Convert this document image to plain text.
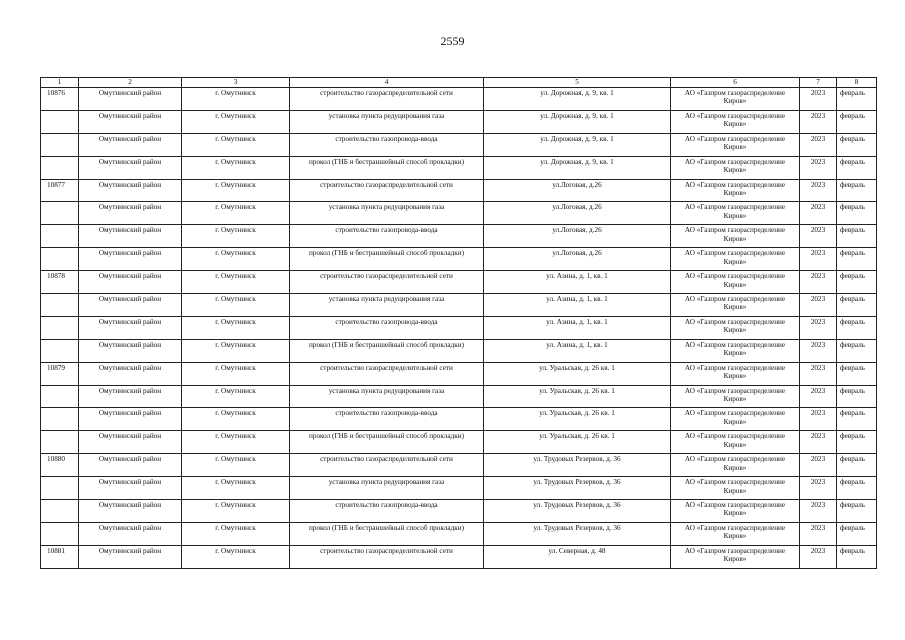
2559
1	2	3	4	5	6	7	8
10876	Омутнинский район	г. Омутнинск	строительство газораспределительной сети	ул. Дорожная, д. 9, кв. 1	АО «Газпром газораспределение Киров»	2023	февраль
	Омутнинский район	г. Омутнинск	установка пункта редуцирования газа	ул. Дорожная, д. 9, кв. 1	АО «Газпром газораспределение Киров»	2023	февраль
	Омутнинский район	г. Омутнинск	строительство газопровода-ввода	ул. Дорожная, д. 9, кв. 1	АО «Газпром газораспределение Киров»	2023	февраль
	Омутнинский район	г. Омутнинск	прокол (ГНБ и бестраншейный способ прокладки)	ул. Дорожная, д. 9, кв. 1	АО «Газпром газораспределение Киров»	2023	февраль
10877	Омутнинский район	г. Омутнинск	строительство газораспределительной сети	ул.Логовая, д.26	АО «Газпром газораспределение Киров»	2023	февраль
	Омутнинский район	г. Омутнинск	установка пункта редуцирования газа	ул.Логовая, д.26	АО «Газпром газораспределение Киров»	2023	февраль
	Омутнинский район	г. Омутнинск	строительство газопровода-ввода	ул.Логовая, д.26	АО «Газпром газораспределение Киров»	2023	февраль
	Омутнинский район	г. Омутнинск	прокол (ГНБ и бестраншейный способ прокладки)	ул.Логовая, д.26	АО «Газпром газораспределение Киров»	2023	февраль
10878	Омутнинский район	г. Омутнинск	строительство газораспределительной сети	ул. Азина, д. 1, кв. 1	АО «Газпром газораспределение Киров»	2023	февраль
	Омутнинский район	г. Омутнинск	установка пункта редуцирования газа	ул. Азина, д. 1, кв. 1	АО «Газпром газораспределение Киров»	2023	февраль
	Омутнинский район	г. Омутнинск	строительство газопровода-ввода	ул. Азина, д. 1, кв. 1	АО «Газпром газораспределение Киров»	2023	февраль
	Омутнинский район	г. Омутнинск	прокол (ГНБ и бестраншейный способ прокладки)	ул. Азина, д. 1, кв. 1	АО «Газпром газораспределение Киров»	2023	февраль
10879	Омутнинский район	г. Омутнинск	строительство газораспределительной сети	ул. Уральская, д. 26 кв. 1	АО «Газпром газораспределение Киров»	2023	февраль
	Омутнинский район	г. Омутнинск	установка пункта редуцирования газа	ул. Уральская, д. 26 кв. 1	АО «Газпром газораспределение Киров»	2023	февраль
	Омутнинский район	г. Омутнинск	строительство газопровода-ввода	ул. Уральская, д. 26 кв. 1	АО «Газпром газораспределение Киров»	2023	февраль
	Омутнинский район	г. Омутнинск	прокол (ГНБ и бестраншейный способ прокладки)	ул. Уральская, д. 26 кв. 1	АО «Газпром газораспределение Киров»	2023	февраль
10880	Омутнинский район	г. Омутнинск	строительство газораспределительной сети	ул. Трудовых Резервов, д. 36	АО «Газпром газораспределение Киров»	2023	февраль
	Омутнинский район	г. Омутнинск	установка пункта редуцирования газа	ул. Трудовых Резервов, д. 36	АО «Газпром газораспределение Киров»	2023	февраль
	Омутнинский район	г. Омутнинск	строительство газопровода-ввода	ул. Трудовых Резервов, д. 36	АО «Газпром газораспределение Киров»	2023	февраль
	Омутнинский район	г. Омутнинск	прокол (ГНБ и бестраншейный способ прокладки)	ул. Трудовых Резервов, д. 36	АО «Газпром газораспределение Киров»	2023	февраль
10881	Омутнинский район	г. Омутнинск	строительство газораспределительной сети	ул. Северная, д. 48	АО «Газпром газораспределение Киров»	2023	февраль
